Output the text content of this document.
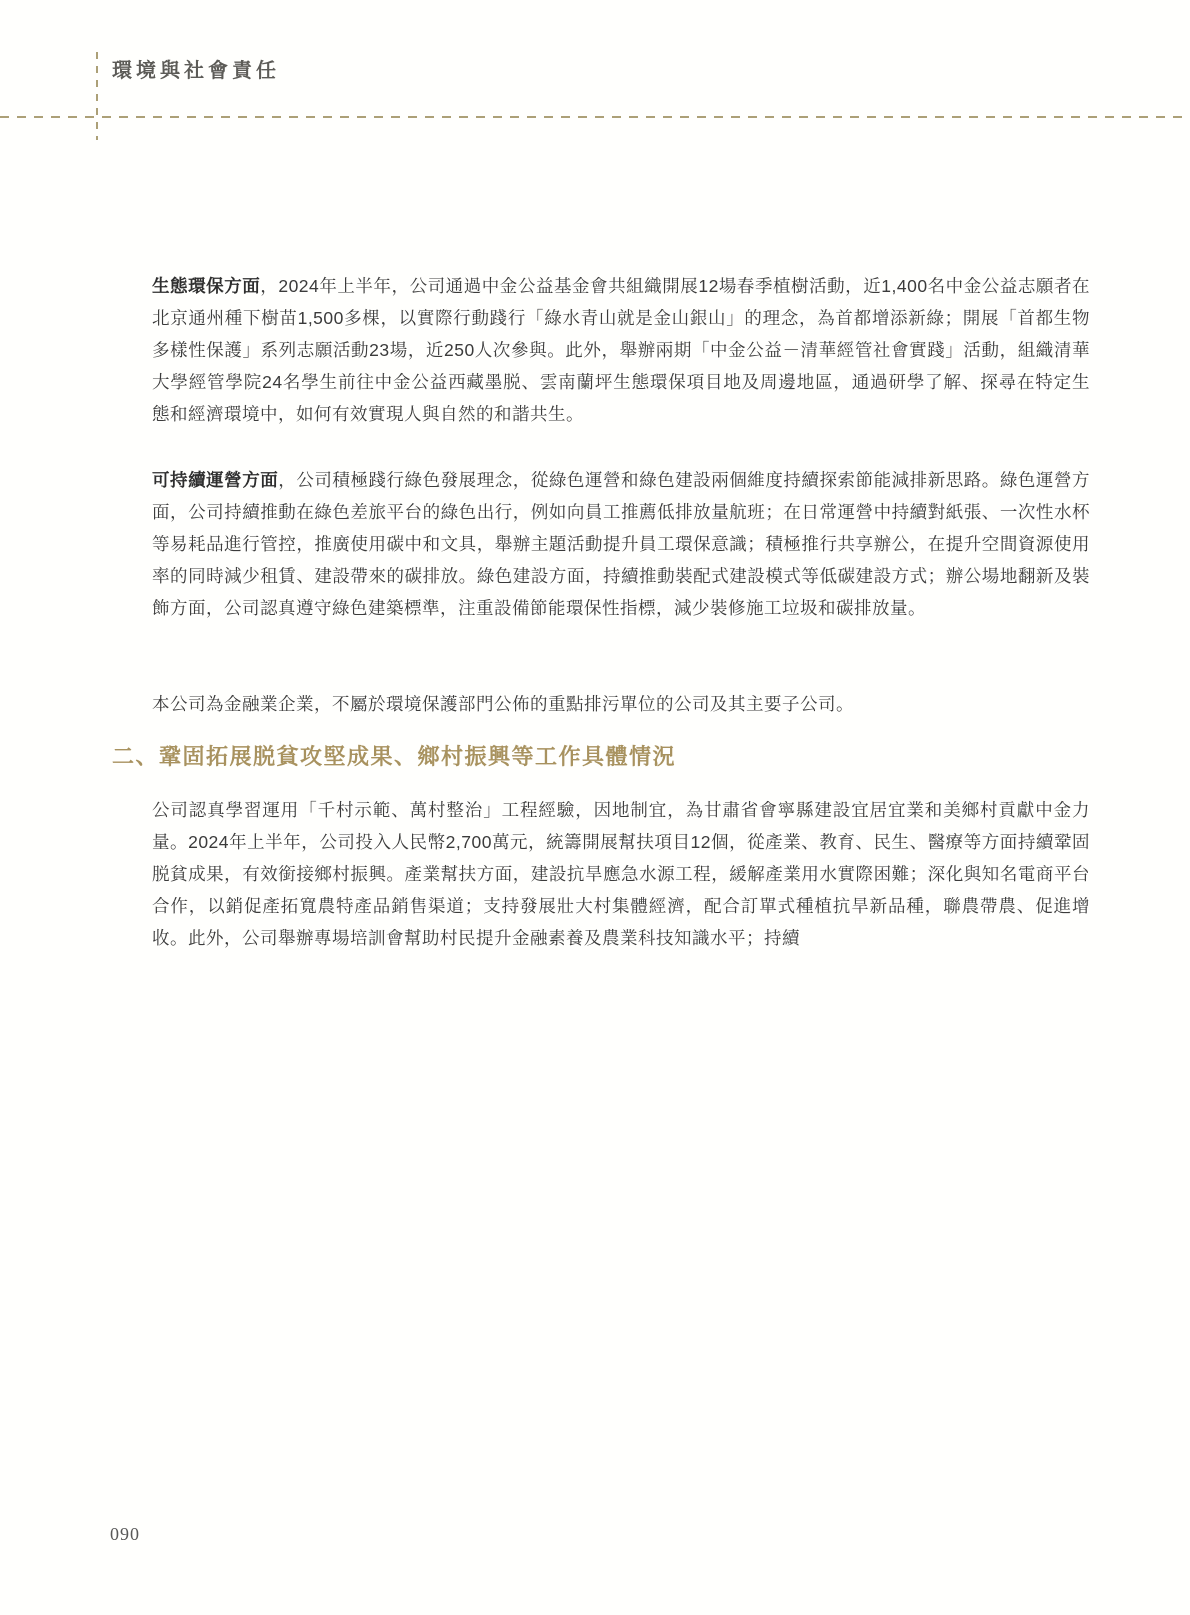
環境與社會責任

生態環保方面，2024年上半年，公司通過中金公益基金會共組織開展12場春季植樹活動，近1,400名中金公益志願者在北京通州種下樹苗1,500多棵，以實際行動踐行「綠水青山就是金山銀山」的理念，為首都增添新綠；開展「首都生物多樣性保護」系列志願活動23場，近250人次參與。此外，舉辦兩期「中金公益－清華經管社會實踐」活動，組織清華大學經管學院24名學生前往中金公益西藏墨脱、雲南蘭坪生態環保項目地及周邊地區，通過研學了解、探尋在特定生態和經濟環境中，如何有效實現人與自然的和諧共生。

可持續運營方面，公司積極踐行綠色發展理念，從綠色運營和綠色建設兩個維度持續探索節能減排新思路。綠色運營方面，公司持續推動在綠色差旅平台的綠色出行，例如向員工推薦低排放量航班；在日常運營中持續對紙張、一次性水杯等易耗品進行管控，推廣使用碳中和文具，舉辦主題活動提升員工環保意識；積極推行共享辦公，在提升空間資源使用率的同時減少租賃、建設帶來的碳排放。綠色建設方面，持續推動裝配式建設模式等低碳建設方式；辦公場地翻新及裝飾方面，公司認真遵守綠色建築標準，注重設備節能環保性指標，減少裝修施工垃圾和碳排放量。

本公司為金融業企業，不屬於環境保護部門公佈的重點排污單位的公司及其主要子公司。

二、鞏固拓展脱貧攻堅成果、鄉村振興等工作具體情況

公司認真學習運用「千村示範、萬村整治」工程經驗，因地制宜，為甘肅省會寧縣建設宜居宜業和美鄉村貢獻中金力量。2024年上半年，公司投入人民幣2,700萬元，統籌開展幫扶項目12個，從產業、教育、民生、醫療等方面持續鞏固脱貧成果，有效銜接鄉村振興。產業幫扶方面，建設抗旱應急水源工程，緩解產業用水實際困難；深化與知名電商平台合作，以銷促產拓寬農特產品銷售渠道；支持發展壯大村集體經濟，配合訂單式種植抗旱新品種，聯農帶農、促進增收。此外，公司舉辦專場培訓會幫助村民提升金融素養及農業科技知識水平；持續

090
